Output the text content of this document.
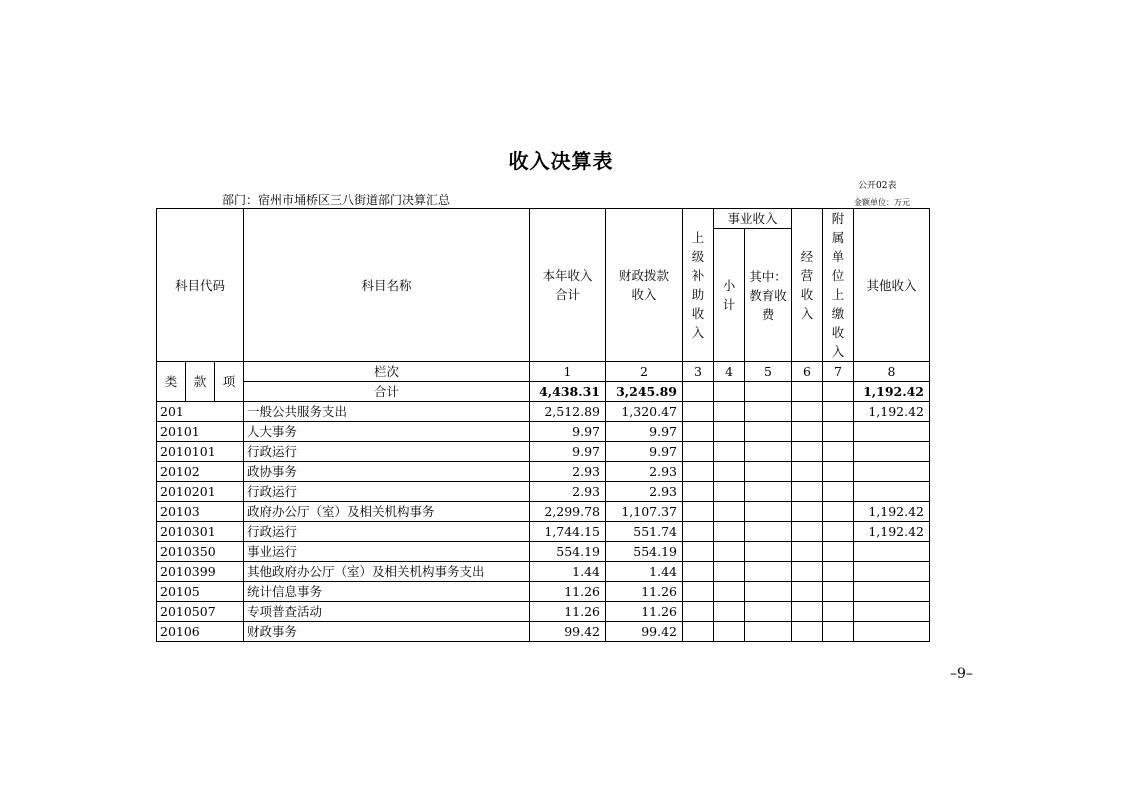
收入决算表
公开02表
部门：宿州市埇桥区三八街道部门决算汇总	金额单位：万元
科目代码			科目名称	本年收入合计	财政拨款收入	上级补助收入	事业收入		经营收入	附属单位上缴收入	其他收入
							小计	其中：教育收费			
类	款	项	栏次	1	2	3	4	5	6	7	8
			合计	4,438.31	3,245.89						1,192.42
201			一般公共服务支出	2,512.89	1,320.47						1,192.42
20101			人大事务	9.97	9.97						
2010101			行政运行	9.97	9.97						
20102			政协事务	2.93	2.93						
2010201			行政运行	2.93	2.93						
20103			政府办公厅（室）及相关机构事务	2,299.78	1,107.37						1,192.42
2010301			行政运行	1,744.15	551.74						1,192.42
2010350			事业运行	554.19	554.19						
2010399			其他政府办公厅（室）及相关机构事务支出	1.44	1.44						
20105			统计信息事务	11.26	11.26						
2010507			专项普查活动	11.26	11.26						
20106			财政事务	99.42	99.42						
–9–
